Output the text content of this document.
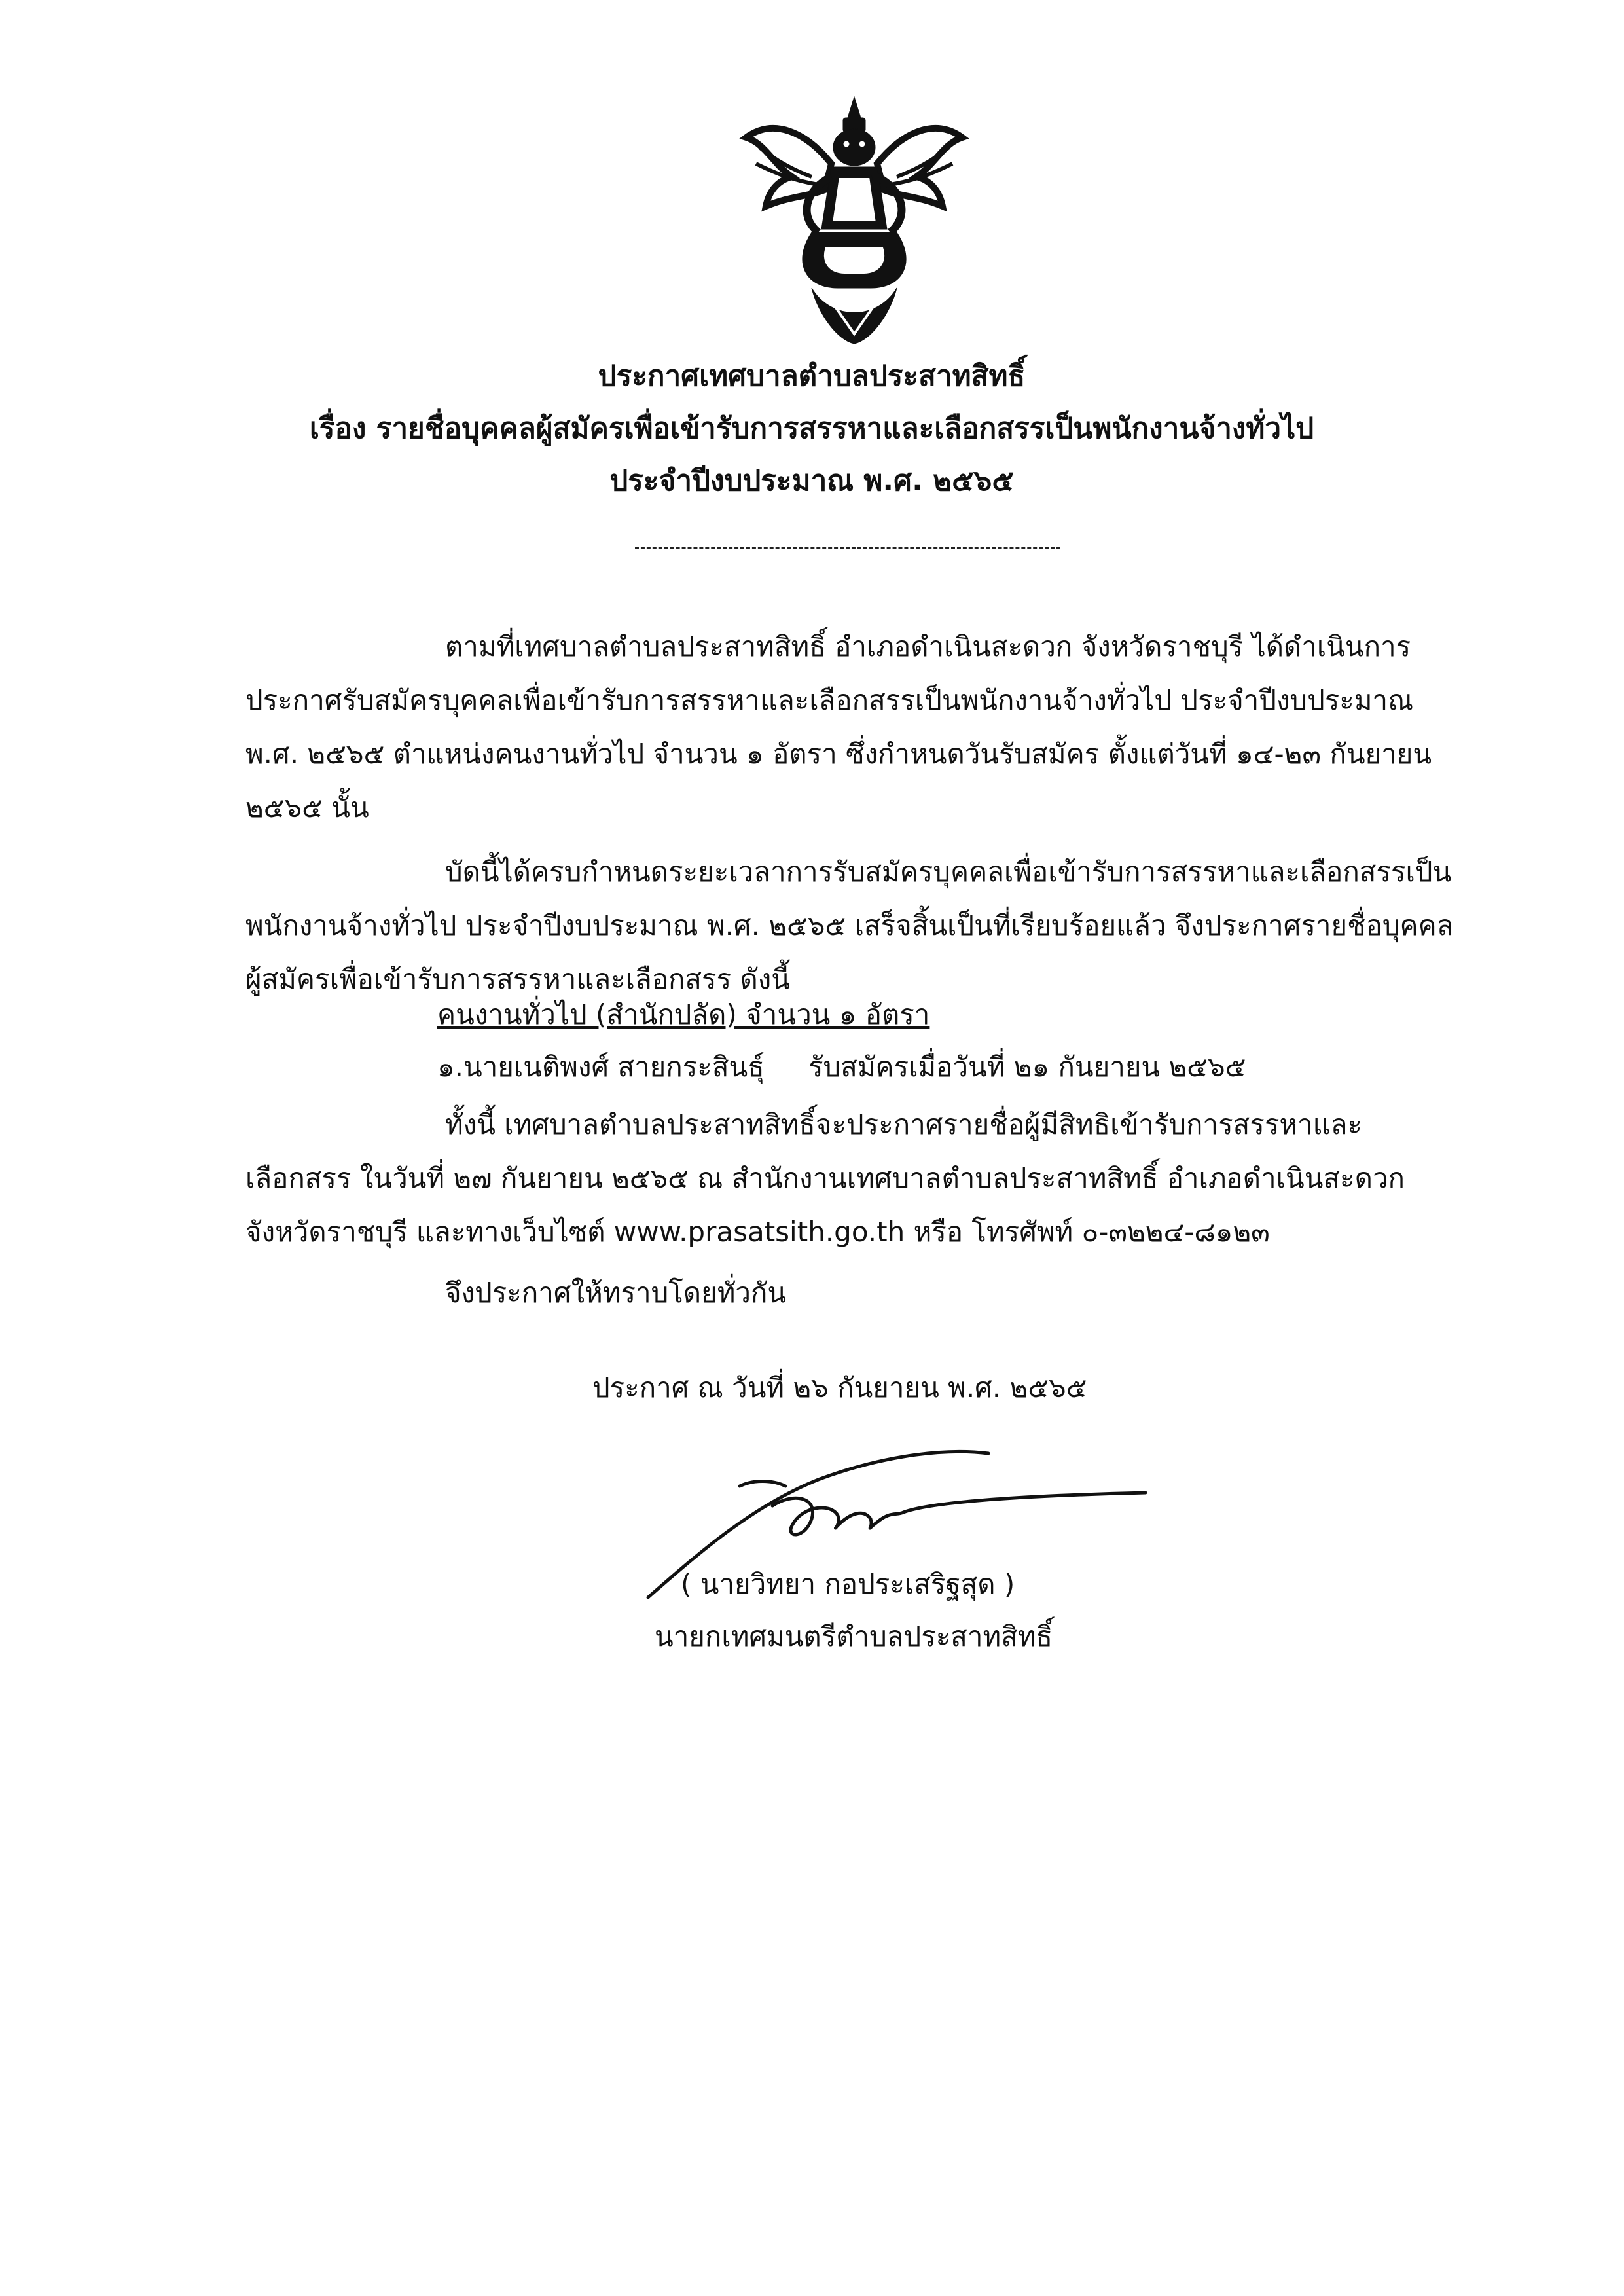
ประกาศเทศบาลตำบลประสาทสิทธิ์
เรื่อง รายชื่อบุคคลผู้สมัครเพื่อเข้ารับการสรรหาและเลือกสรรเป็นพนักงานจ้างทั่วไป
ประจำปีงบประมาณ พ.ศ. ๒๕๖๕
ตามที่เทศบาลตำบลประสาทสิทธิ์ อำเภอดำเนินสะดวก จังหวัดราชบุรี ได้ดำเนินการ
ประกาศรับสมัครบุคคลเพื่อเข้ารับการสรรหาและเลือกสรรเป็นพนักงานจ้างทั่วไป ประจำปีงบประมาณ
พ.ศ. ๒๕๖๕ ตำแหน่งคนงานทั่วไป จำนวน ๑ อัตรา ซึ่งกำหนดวันรับสมัคร ตั้งแต่วันที่ ๑๔-๒๓ กันยายน
๒๕๖๕ นั้น
บัดนี้ได้ครบกำหนดระยะเวลาการรับสมัครบุคคลเพื่อเข้ารับการสรรหาและเลือกสรรเป็น
พนักงานจ้างทั่วไป ประจำปีงบประมาณ พ.ศ. ๒๕๖๕ เสร็จสิ้นเป็นที่เรียบร้อยแล้ว จึงประกาศรายชื่อบุคคล
ผู้สมัครเพื่อเข้ารับการสรรหาและเลือกสรร ดังนี้
คนงานทั่วไป (สำนักปลัด) จำนวน ๑ อัตรา
๑.นายเนติพงศ์ สายกระสินธุ์ รับสมัครเมื่อวันที่ ๒๑ กันยายน ๒๕๖๕
ทั้งนี้ เทศบาลตำบลประสาทสิทธิ์จะประกาศรายชื่อผู้มีสิทธิเข้ารับการสรรหาและ
เลือกสรร ในวันที่ ๒๗ กันยายน ๒๕๖๕ ณ สำนักงานเทศบาลตำบลประสาทสิทธิ์ อำเภอดำเนินสะดวก
จังหวัดราชบุรี และทางเว็บไซต์ www.prasatsith.go.th หรือ โทรศัพท์ ๐-๓๒๒๔-๘๑๒๓
จึงประกาศให้ทราบโดยทั่วกัน
ประกาศ ณ วันที่ ๒๖ กันยายน พ.ศ. ๒๕๖๕
( นายวิทยา กอประเสริฐสุด )
นายกเทศมนตรีตำบลประสาทสิทธิ์
